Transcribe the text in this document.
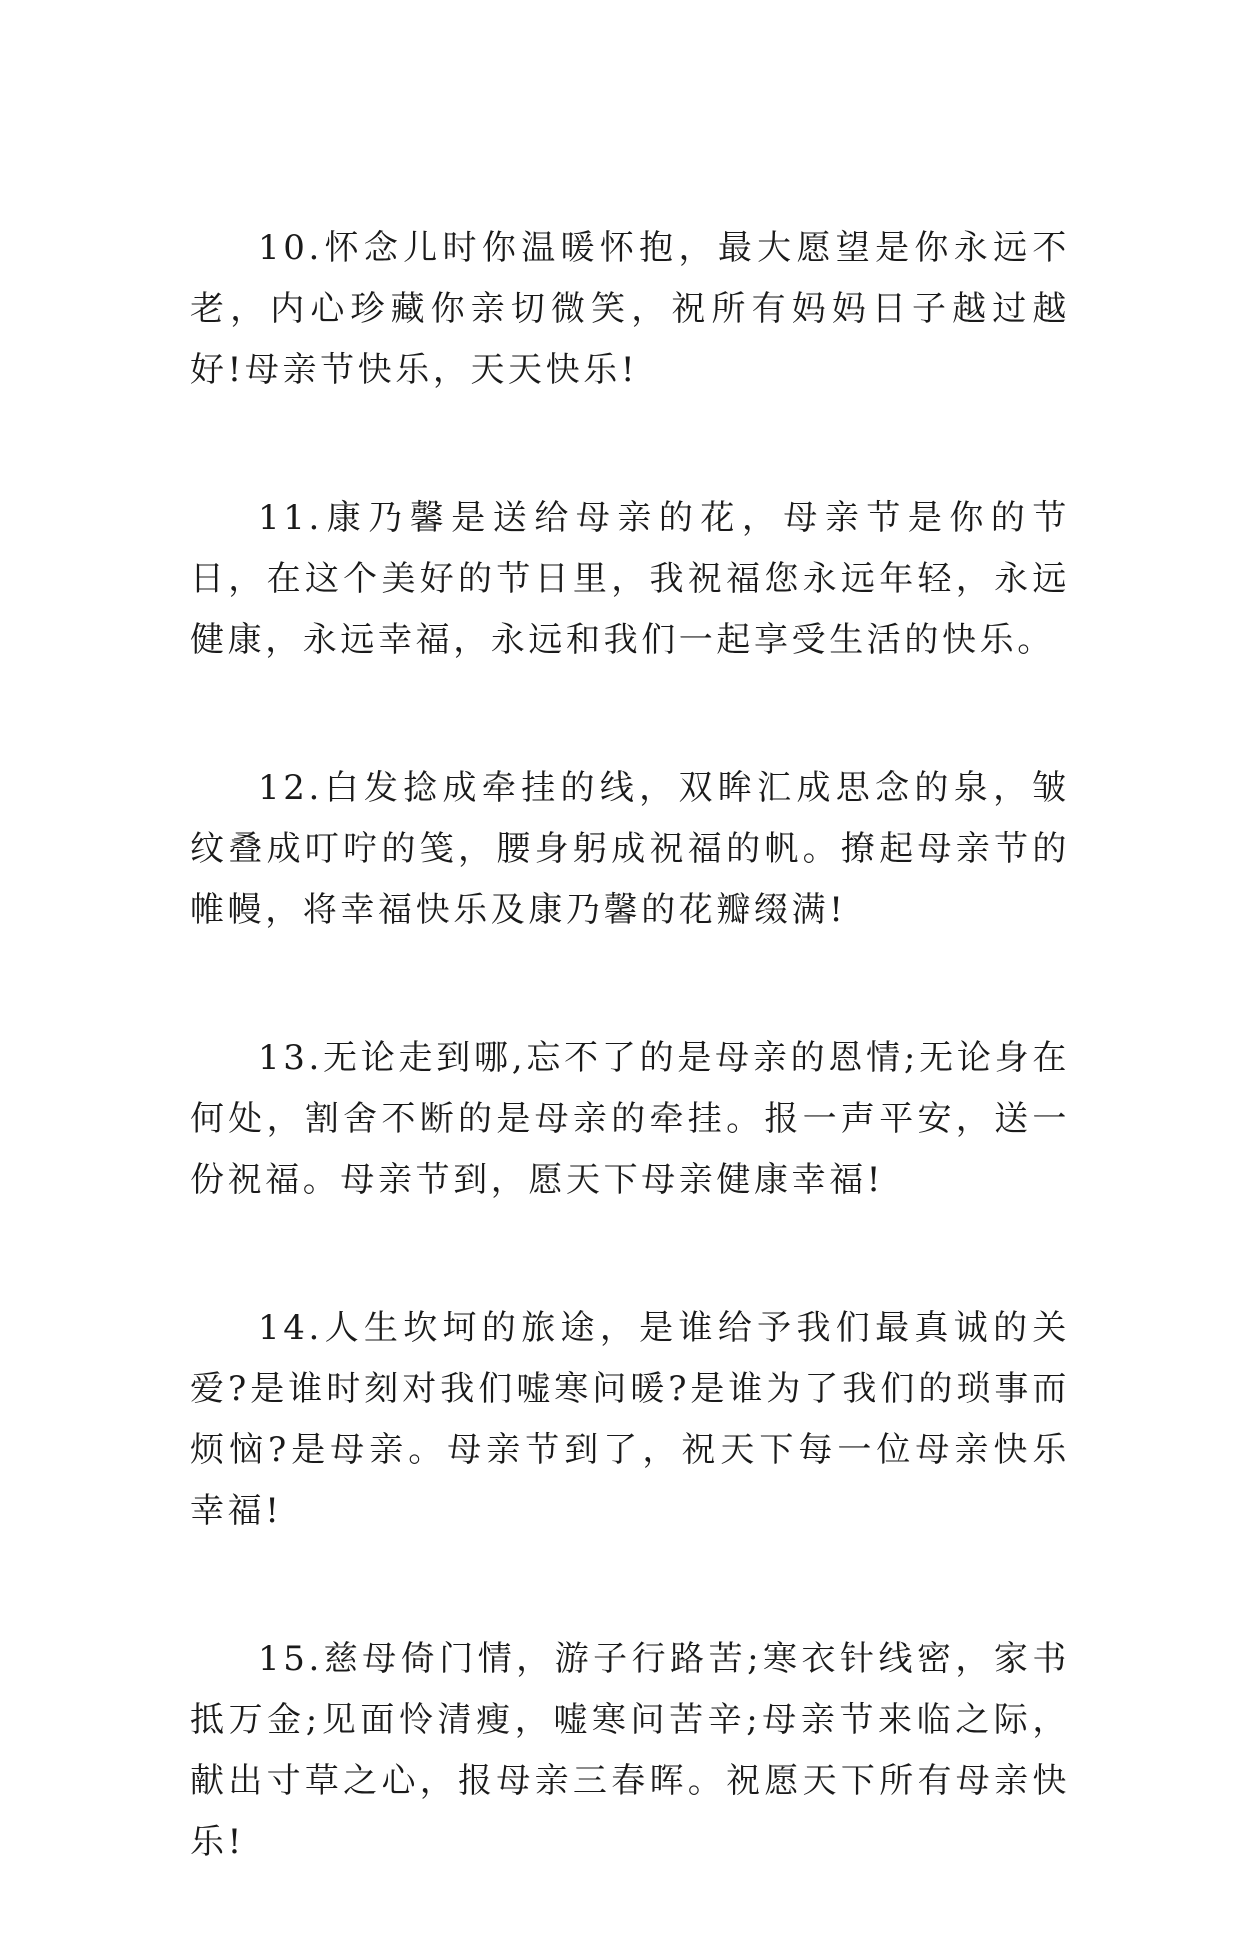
10.怀念儿时你温暖怀抱，最大愿望是你永远不老，内心珍藏你亲切微笑，祝所有妈妈日子越过越好!母亲节快乐，天天快乐!

11.康乃馨是送给母亲的花，母亲节是你的节日，在这个美好的节日里，我祝福您永远年轻，永远健康，永远幸福，永远和我们一起享受生活的快乐。

12.白发捻成牵挂的线，双眸汇成思念的泉，皱纹叠成叮咛的笺，腰身躬成祝福的帆。撩起母亲节的帷幔，将幸福快乐及康乃馨的花瓣缀满!

13.无论走到哪,忘不了的是母亲的恩情;无论身在何处，割舍不断的是母亲的牵挂。报一声平安，送一份祝福。母亲节到，愿天下母亲健康幸福!

14.人生坎坷的旅途，是谁给予我们最真诚的关爱?是谁时刻对我们嘘寒问暖?是谁为了我们的琐事而烦恼?是母亲。母亲节到了，祝天下每一位母亲快乐幸福!

15.慈母倚门情，游子行路苦;寒衣针线密，家书抵万金;见面怜清瘦，嘘寒问苦辛;母亲节来临之际，献出寸草之心，报母亲三春晖。祝愿天下所有母亲快乐!
